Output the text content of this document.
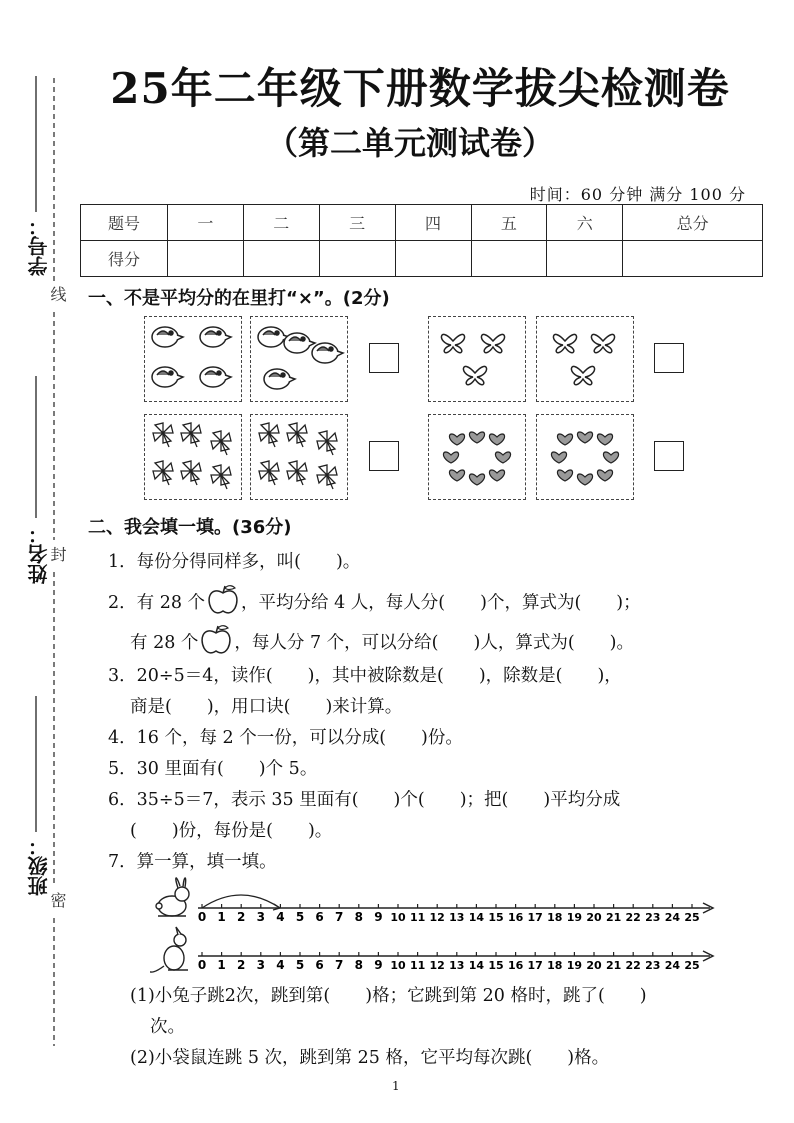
25年二年级下册数学拔尖检测卷
（第二单元测试卷）
时间：60 分钟 满分 100 分
题号	一	二	三	四	五	六	总分
得分							
学号：
姓名：
班级：
线
封
密
一、不是平均分的在里打“×”。(2分)
二、我会填一填。(36分)
1．每份分得同样多，叫(　　)。
2．有 28 个 ，平均分给 4 人，每人分(　　)个，算式为(　　)；
有 28 个 ，每人分 7 个，可以分给(　　)人，算式为(　　)。
3．20÷5＝4，读作(　　)，其中被除数是(　　)，除数是(　　)，
商是(　　)，用口诀(　　)来计算。
4．16 个，每 2 个一份，可以分成(　　)份。
5．30 里面有(　　)个 5。
6．35÷5＝7，表示 35 里面有(　　)个(　　)；把(　　)平均分成
(　　)份，每份是(　　)。
7．算一算，填一填。
0 1 2 3 4 5 6 7 8 9 10 11 12 13 14 15 16 17 18 19 20 21 22 23 24 25
0 1 2 3 4 5 6 7 8 9 10 11 12 13 14 15 16 17 18 19 20 21 22 23 24 25
(1)小兔子跳2次，跳到第(　　)格；它跳到第 20 格时，跳了(　　)
次。
(2)小袋鼠连跳 5 次，跳到第 25 格，它平均每次跳(　　)格。
1
